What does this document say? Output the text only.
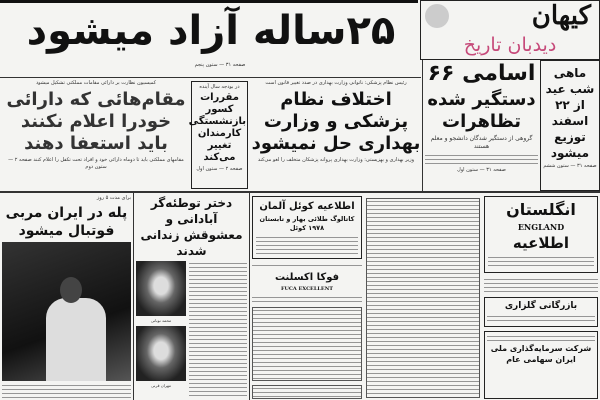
۲۵ساله آزاد میشود
صفحه ۳۱ — ستون پنجم
کیهان
دیدبان تاریخ
کمیسیون نظارت بر دارائی مقامات مملکتی تشکیل میشود
مقام‌هائی که دارائی خودرا اعلام نکنند باید استعفا دهند
مقامهای مملکتی باید تا دوماه دارائی خود و افراد تحت تکفل را اعلام کنند صفحه ۲ — ستون دوم
در بودجه سال آینده
مقررات کسور بازنشستگی کارمندان تغییر می‌کند
صفحه ۲ — ستون اول
رئیس نظام پزشکی: ناتوانی وزارت بهداری در صدد تغییر قانون است
اختلاف نظام پزشکی و وزارت بهداری حل نمیشود
وزیر بهداری و بهزیستی: وزارت بهداری پروانه پزشکان متخلف را لغو می‌کند
اسامی ۶۶
دستگیر شده تظاهرات
گروهی از دستگیر شدگان دانشجو و معلم هستند
صفحه ۳۱ — ستون اول
ماهی شب عید از ۲۲ اسفند توزیع میشود
صفحه ۳۱ — ستون ششم
برای مدت ۵ روز
پله در ایران مربی فوتبال میشود
دختر توطئه‌گر آبادانی و معشوقش زندانی شدند
محمد نوبانی
مهران قرنی
اطلاعیه کوئل آلمان
کاتالوگ طلائی بهار و تابستان ۱۹۷۸ کوئل
فوکا اکسلنت
FUCA EXCELLENT
انگلستان
ENGLAND
اطلاعیه
بازرگانی گلزاری
شرکت سرمایه‌گذاری ملی ایران سهامی عام
